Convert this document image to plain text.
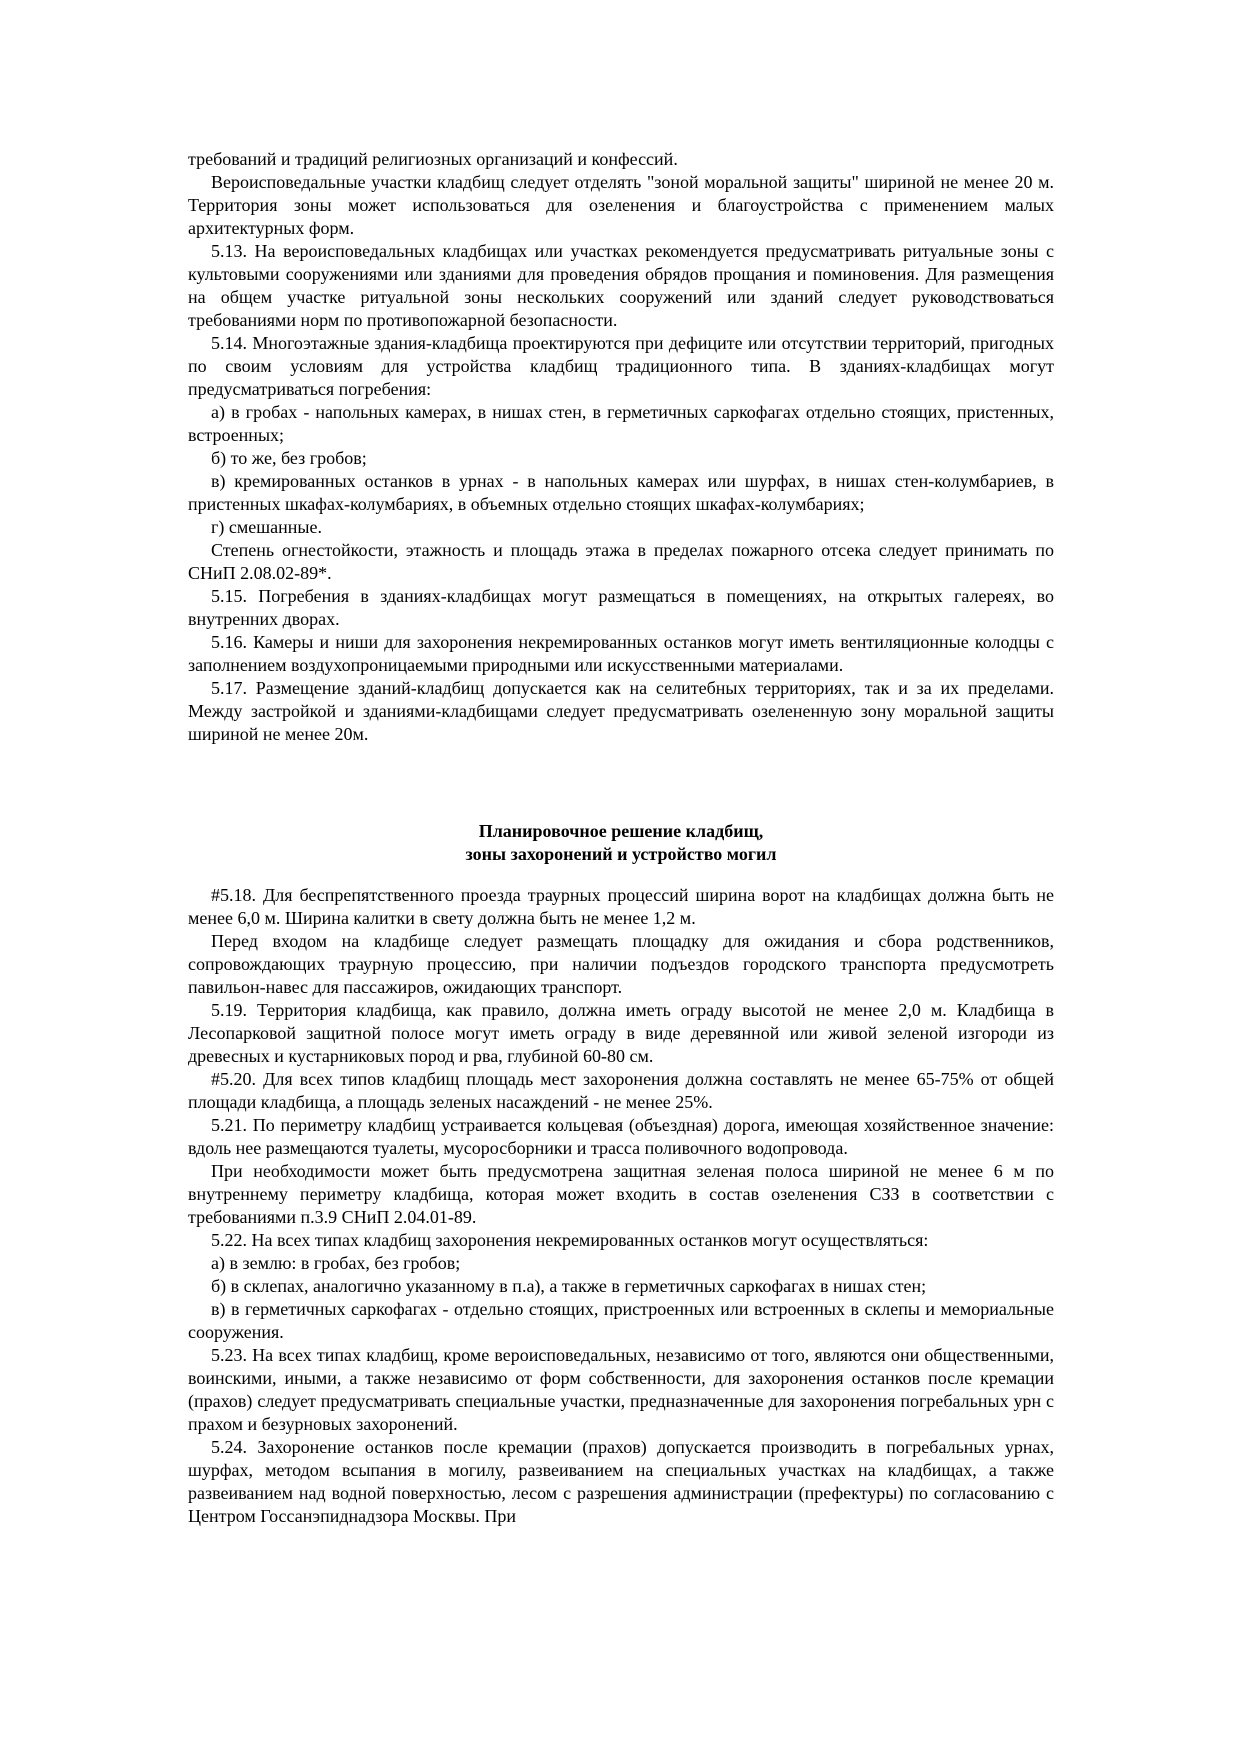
требований и традиций религиозных организаций и конфессий.

Вероисповедальные участки кладбищ следует отделять "зоной моральной защиты" шириной не менее 20 м. Территория зоны может использоваться для озеленения и благоустройства с применением малых архитектурных форм.

5.13. На вероисповедальных кладбищах или участках рекомендуется предусматривать ритуальные зоны с культовыми сооружениями или зданиями для проведения обрядов прощания и поминовения. Для размещения на общем участке ритуальной зоны нескольких сооружений или зданий следует руководствоваться требованиями норм по противопожарной безопасности.

5.14. Многоэтажные здания-кладбища проектируются при дефиците или отсутствии территорий, пригодных по своим условиям для устройства кладбищ традиционного типа. В зданиях-кладбищах могут предусматриваться погребения:

а) в гробах - напольных камерах, в нишах стен, в герметичных саркофагах отдельно стоящих, пристенных, встроенных;

б) то же, без гробов;

в) кремированных останков в урнах - в напольных камерах или шурфах, в нишах стен-колумбариев, в пристенных шкафах-колумбариях, в объемных отдельно стоящих шкафах-колумбариях;

г) смешанные.

Степень огнестойкости, этажность и площадь этажа в пределах пожарного отсека следует принимать по СНиП 2.08.02-89*.

5.15. Погребения в зданиях-кладбищах могут размещаться в помещениях, на открытых галереях, во внутренних дворах.

5.16. Камеры и ниши для захоронения некремированных останков могут иметь вентиляционные колодцы с заполнением воздухопроницаемыми природными или искусственными материалами.

5.17. Размещение зданий-кладбищ допускается как на селитебных территориях, так и за их пределами. Между застройкой и зданиями-кладбищами следует предусматривать озелененную зону моральной защиты шириной не менее 20м.

Планировочное решение кладбищ,
зоны захоронений и устройство могил

#5.18. Для беспрепятственного проезда траурных процессий ширина ворот на кладбищах должна быть не менее 6,0 м. Ширина калитки в свету должна быть не менее 1,2 м.

Перед входом на кладбище следует размещать площадку для ожидания и сбора родственников, сопровождающих траурную процессию, при наличии подъездов городского транспорта предусмотреть павильон-навес для пассажиров, ожидающих транспорт.

5.19. Территория кладбища, как правило, должна иметь ограду высотой не менее 2,0 м. Кладбища в Лесопарковой защитной полосе могут иметь ограду в виде деревянной или живой зеленой изгороди из древесных и кустарниковых пород и рва, глубиной 60-80 см.

#5.20. Для всех типов кладбищ площадь мест захоронения должна составлять не менее 65-75% от общей площади кладбища, а площадь зеленых насаждений - не менее 25%.

5.21. По периметру кладбищ устраивается кольцевая (объездная) дорога, имеющая хозяйственное значение: вдоль нее размещаются туалеты, мусоросборники и трасса поливочного водопровода.

При необходимости может быть предусмотрена защитная зеленая полоса шириной не менее 6 м по внутреннему периметру кладбища, которая может входить в состав озеленения СЗЗ в соответствии с требованиями п.3.9 СНиП 2.04.01-89.

5.22. На всех типах кладбищ захоронения некремированных останков могут осуществляться:

а) в землю: в гробах, без гробов;

б) в склепах, аналогично указанному в п.а), а также в герметичных саркофагах в нишах стен;

в) в герметичных саркофагах - отдельно стоящих, пристроенных или встроенных в склепы и мемориальные сооружения.

5.23. На всех типах кладбищ, кроме вероисповедальных, независимо от того, являются они общественными, воинскими, иными, а также независимо от форм собственности, для захоронения останков после кремации (прахов) следует предусматривать специальные участки, предназначенные для захоронения погребальных урн с прахом и безурновых захоронений.

5.24. Захоронение останков после кремации (прахов) допускается производить в погребальных урнах, шурфах, методом всыпания в могилу, развеиванием на специальных участках на кладбищах, а также развеиванием над водной поверхностью, лесом с разрешения администрации (префектуры) по согласованию с Центром Госсанэпиднадзора Москвы. При
